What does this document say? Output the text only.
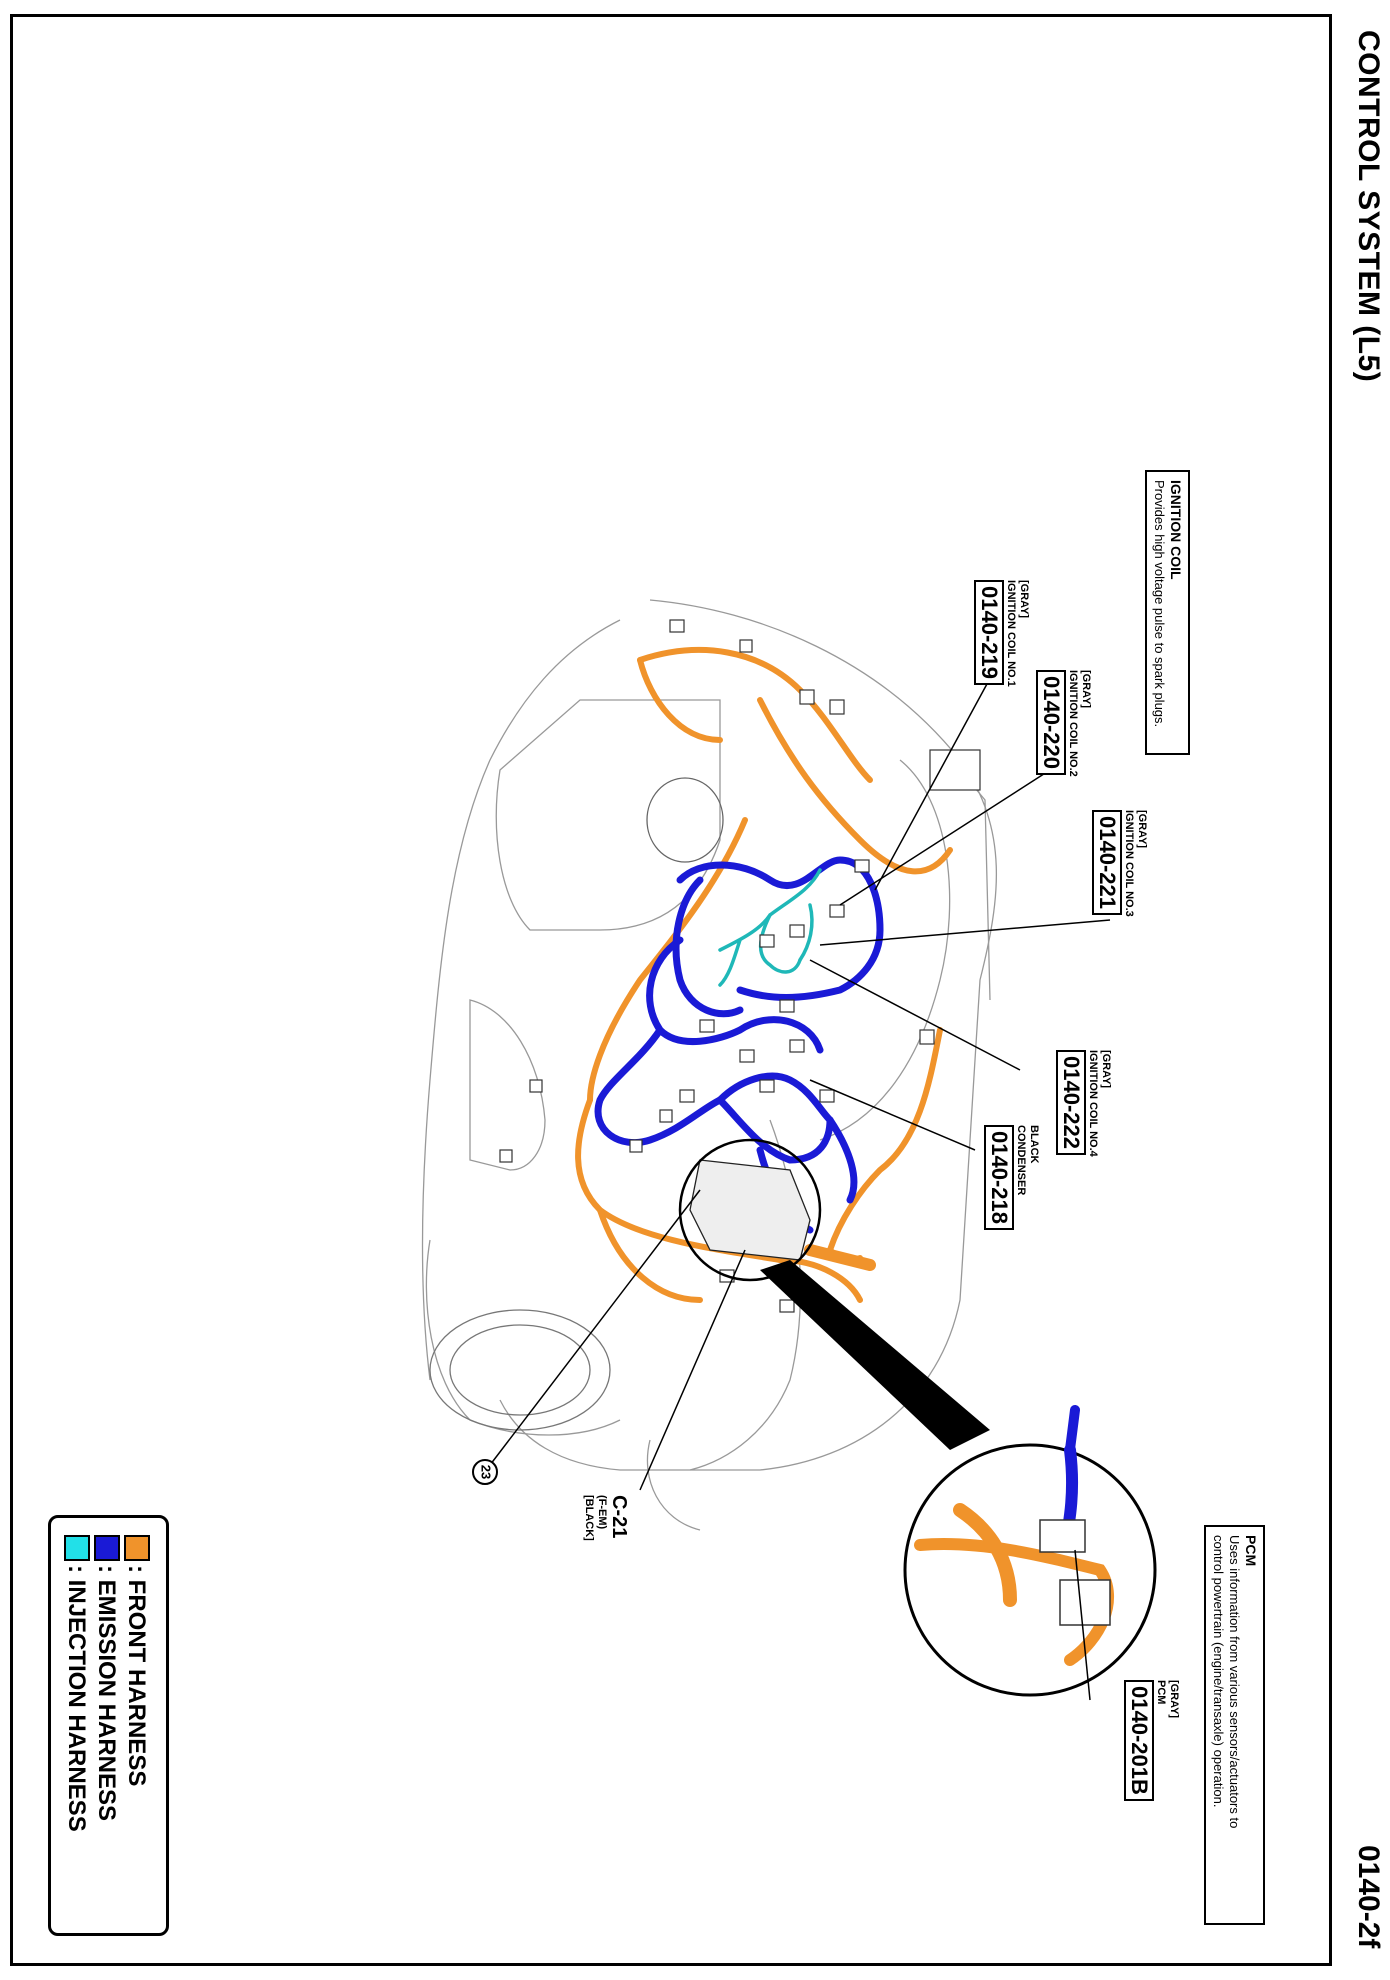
23
CONTROL SYSTEM (L5)
0140-2f
IGNITION COIL
Provides high voltage pulse to spark plugs.
PCM
Uses information from various sensors/actuators to
control powertrain (engine/transaxle) operation.
[GRAY]
IGNITION COIL NO.1
0140-219
[GRAY]
IGNITION COIL NO.2
0140-220
[GRAY]
IGNITION COIL NO.3
0140-221
[GRAY]
IGNITION COIL NO.4
0140-222
BLACK
CONDENSER
0140-218
[GRAY]
PCM
0140-201B
C-21
(F-EM)
[BLACK]
: FRONT HARNESS
: EMISSION HARNESS
: INJECTION HARNESS
